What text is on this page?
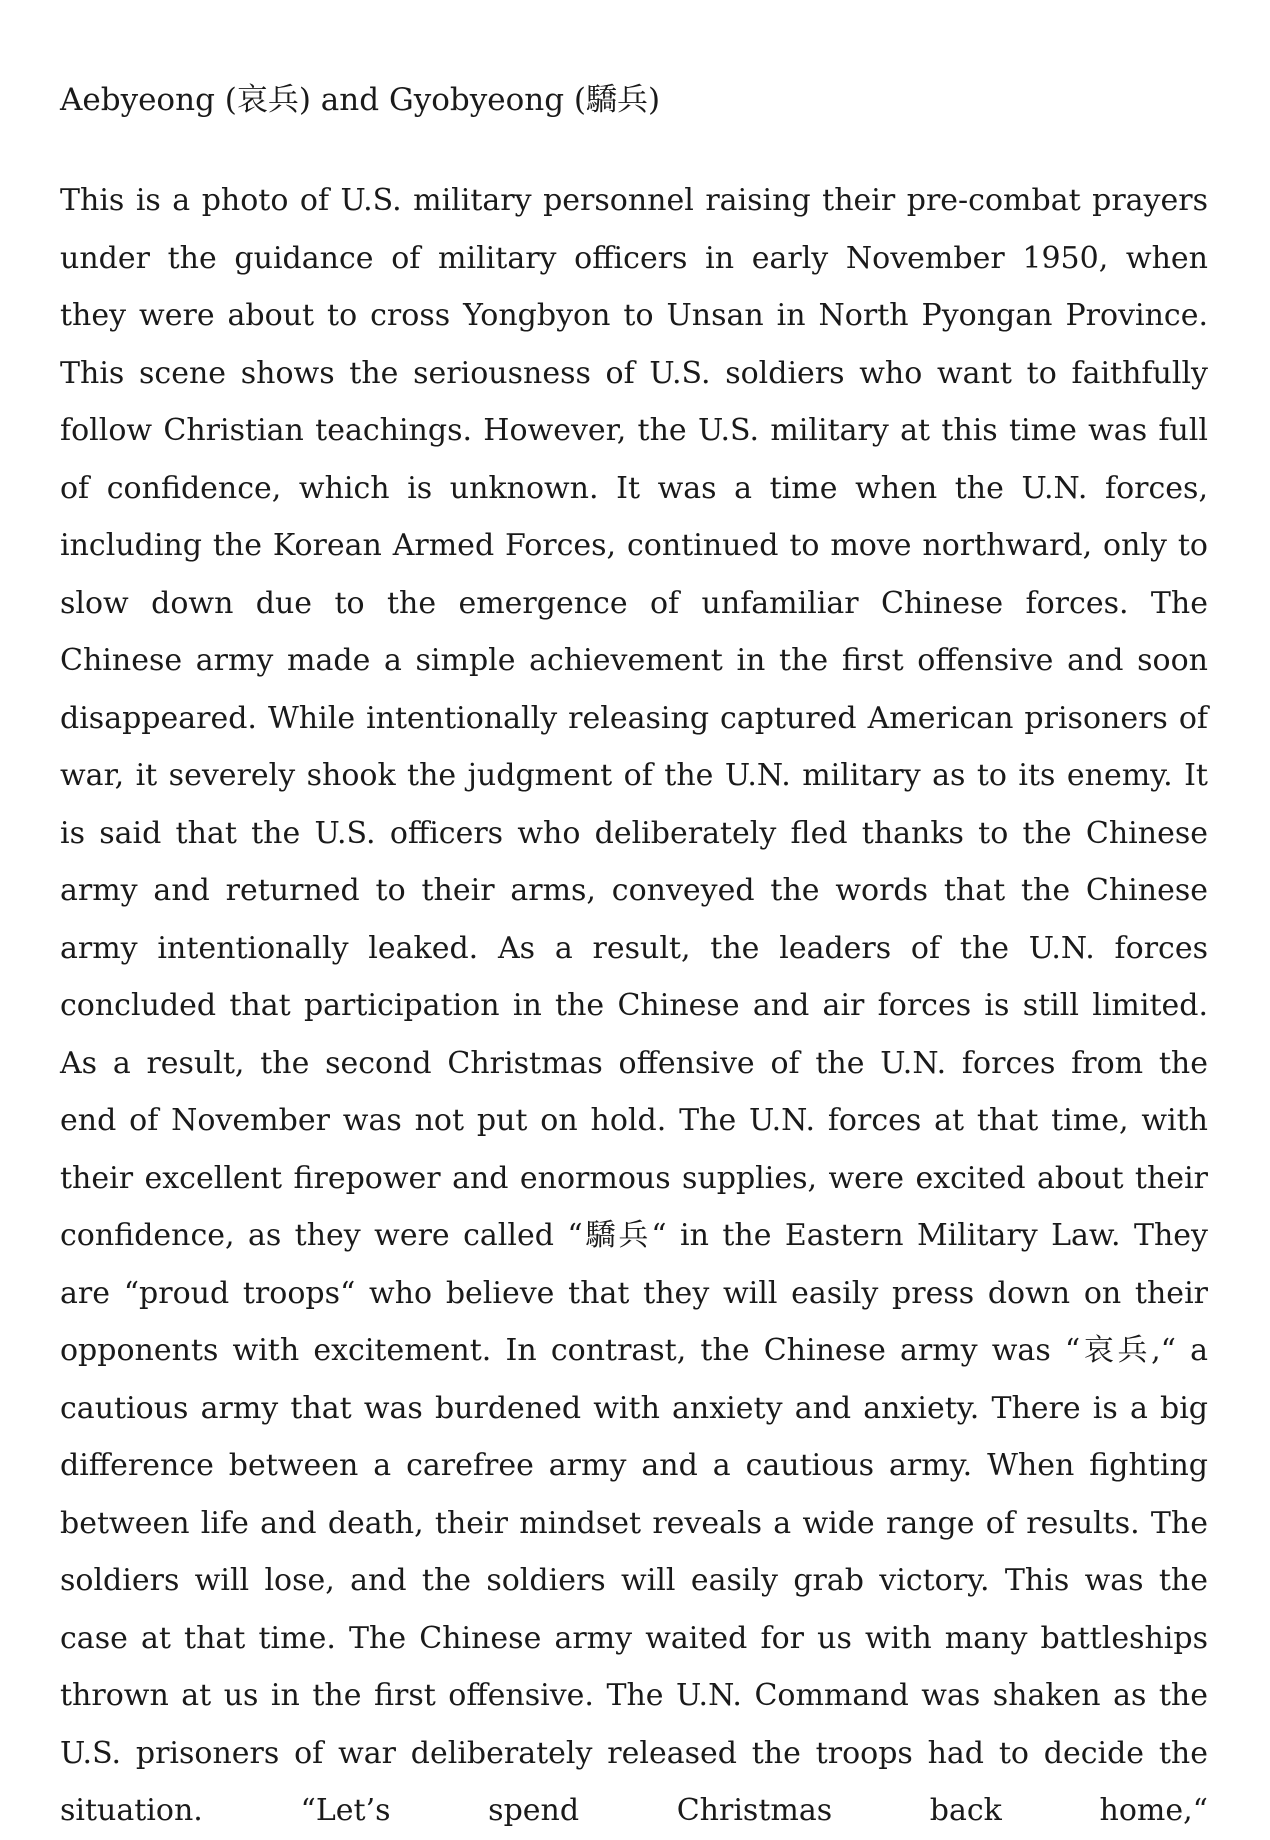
Aebyeong (哀兵) and Gyobyeong (驕兵)

This is a photo of U.S. military personnel raising their pre-combat prayers under the guidance of military officers in early November 1950, when they were about to cross Yongbyon to Unsan in North Pyongan Province. This scene shows the seriousness of U.S. soldiers who want to faithfully follow Christian teachings. However, the U.S. military at this time was full of confidence, which is unknown. It was a time when the U.N. forces, including the Korean Armed Forces, continued to move northward, only to slow down due to the emergence of unfamiliar Chinese forces. The Chinese army made a simple achievement in the first offensive and soon disappeared. While intentionally releasing captured American prisoners of war, it severely shook the judgment of the U.N. military as to its enemy. It is said that the U.S. officers who deliberately fled thanks to the Chinese army and returned to their arms, conveyed the words that the Chinese army intentionally leaked. As a result, the leaders of the U.N. forces concluded that participation in the Chinese and air forces is still limited. As a result, the second Christmas offensive of the U.N. forces from the end of November was not put on hold. The U.N. forces at that time, with their excellent firepower and enormous supplies, were excited about their confidence, as they were called “驕兵“ in the Eastern Military Law. They are “proud troops“ who believe that they will easily press down on their opponents with excitement. In contrast, the Chinese army was “哀兵,“ a cautious army that was burdened with anxiety and anxiety. There is a big difference between a carefree army and a cautious army. When fighting between life and death, their mindset reveals a wide range of results. The soldiers will lose, and the soldiers will easily grab victory. This was the case at that time. The Chinese army waited for us with many battleships thrown at us in the first offensive. The U.N. Command was shaken as the U.S. prisoners of war deliberately released the troops had to decide the situation. “Let’s spend Christmas back home,“
